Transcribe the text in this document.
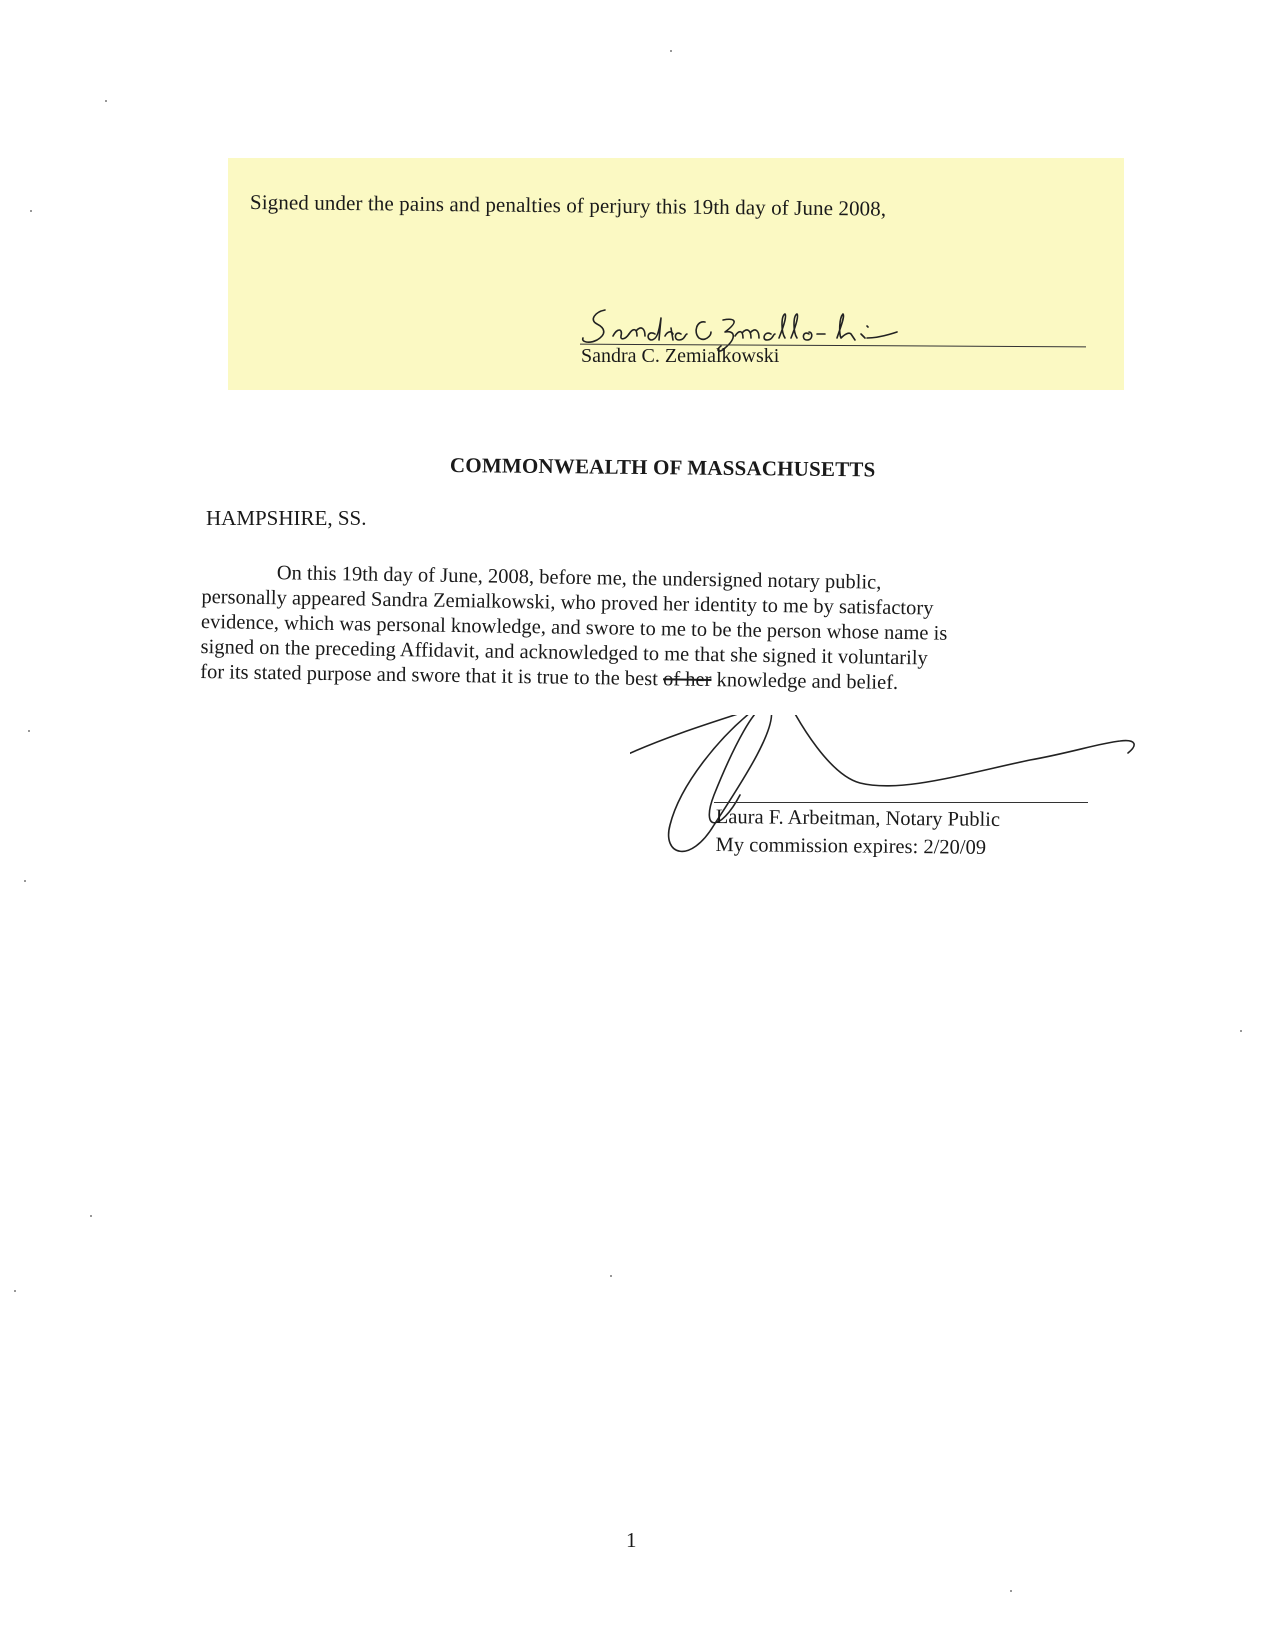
Signed under the pains and penalties of perjury this 19th day of June 2008,
Sandra C. Zemialkowski
COMMONWEALTH OF MASSACHUSETTS
HAMPSHIRE, SS.
On this 19th day of June, 2008, before me, the undersigned notary public,
personally appeared Sandra Zemialkowski, who proved her identity to me by satisfactory
evidence, which was personal knowledge, and swore to me to be the person whose name is
signed on the preceding Affidavit, and acknowledged to me that she signed it voluntarily
for its stated purpose and swore that it is true to the best of her knowledge and belief.
Laura F. Arbeitman, Notary Public
My commission expires: 2/20/09
1
